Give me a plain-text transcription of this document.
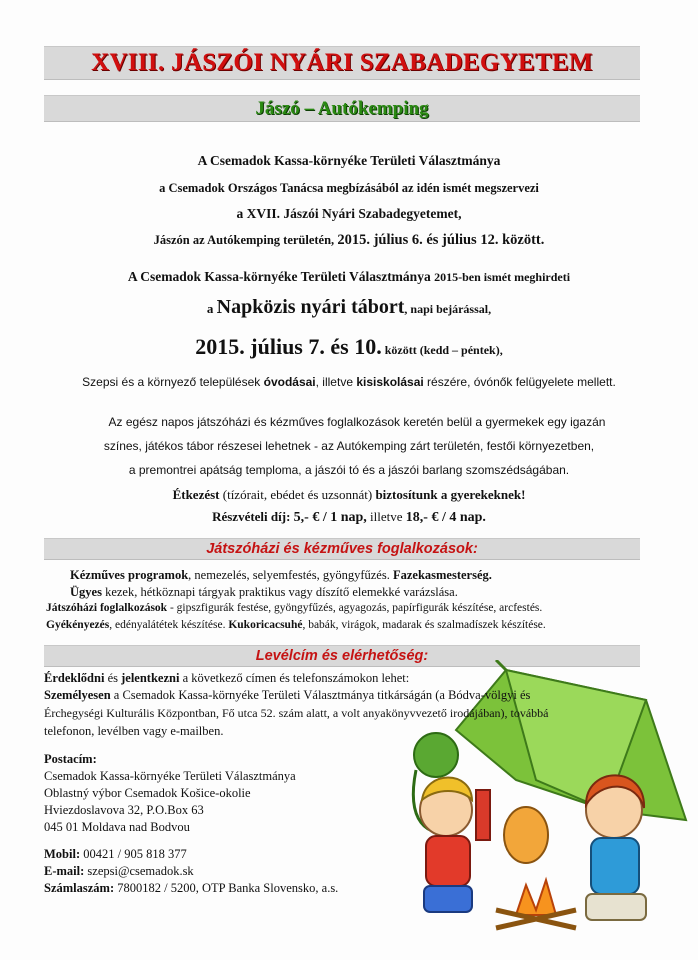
XVIII. JÁSZÓI NYÁRI SZABADEGYETEM
Jászó – Autókemping
A Csemadok Kassa-környéke Területi Választmánya
a Csemadok Országos Tanácsa megbízásából az idén ismét megszervezi
a XVII. Jászói Nyári Szabadegyetemet,
Jászón az Autókemping területén, 2015. július 6. és július 12. között.
A Csemadok Kassa-környéke Területi Választmánya 2015-ben ismét meghirdeti
a Napközis nyári tábort, napi bejárással,
2015. július 7. és 10. között (kedd – péntek),
Szepsi és a környező települések óvodásai, illetve kisiskolásai részére, óvónők felügyelete mellett.
Az egész napos játszóházi és kézműves foglalkozások keretén belül a gyermekek egy igazán
színes, játékos tábor részesei lehetnek - az Autókemping zárt területén, festői környezetben,
a premontrei apátság temploma, a jászói tó és a jászói barlang szomszédságában.
Étkezést (tízórait, ebédet és uzsonnát) biztosítunk a gyerekeknek!
Részvételi díj: 5,- € / 1 nap, illetve 18,- € / 4 nap.
Játszóházi és kézműves foglalkozások:
Kézműves programok, nemezelés, selyemfestés, gyöngyfűzés. Fazekasmesterség.
Ügyes kezek, hétköznapi tárgyak praktikus vagy díszítő elemekké varázslása.
Játszóházi foglalkozások - gipszfigurák festése, gyöngyfűzés, agyagozás, papírfigurák készítése, arcfestés.
Gyékényezés, edényalátétek készítése. Kukoricacsuhé, babák, virágok, madarak és szalmadíszek készítése.
Levélcím és elérhetőség:
Érdeklődni és jelentkezni a következő címen és telefonszámokon lehet:
Személyesen a Csemadok Kassa-környéke Területi Választmánya titkárságán (a Bódva-völgyi és
Érchegységi Kulturális Központban, Fő utca 52. szám alatt, a volt anyakönyvvezető irodájában), továbbá
telefonon, levélben vagy e-mailben.
Postacím:
Csemadok Kassa-környéke Területi Választmánya
Oblastný výbor Csemadok Košice-okolie
Hviezdoslavova 32, P.O.Box 63
045 01 Moldava nad Bodvou
Mobil: 00421 / 905 818 377
E-mail: szepsi@csemadok.sk
Számlaszám: 7800182 / 5200, OTP Banka Slovensko, a.s.
